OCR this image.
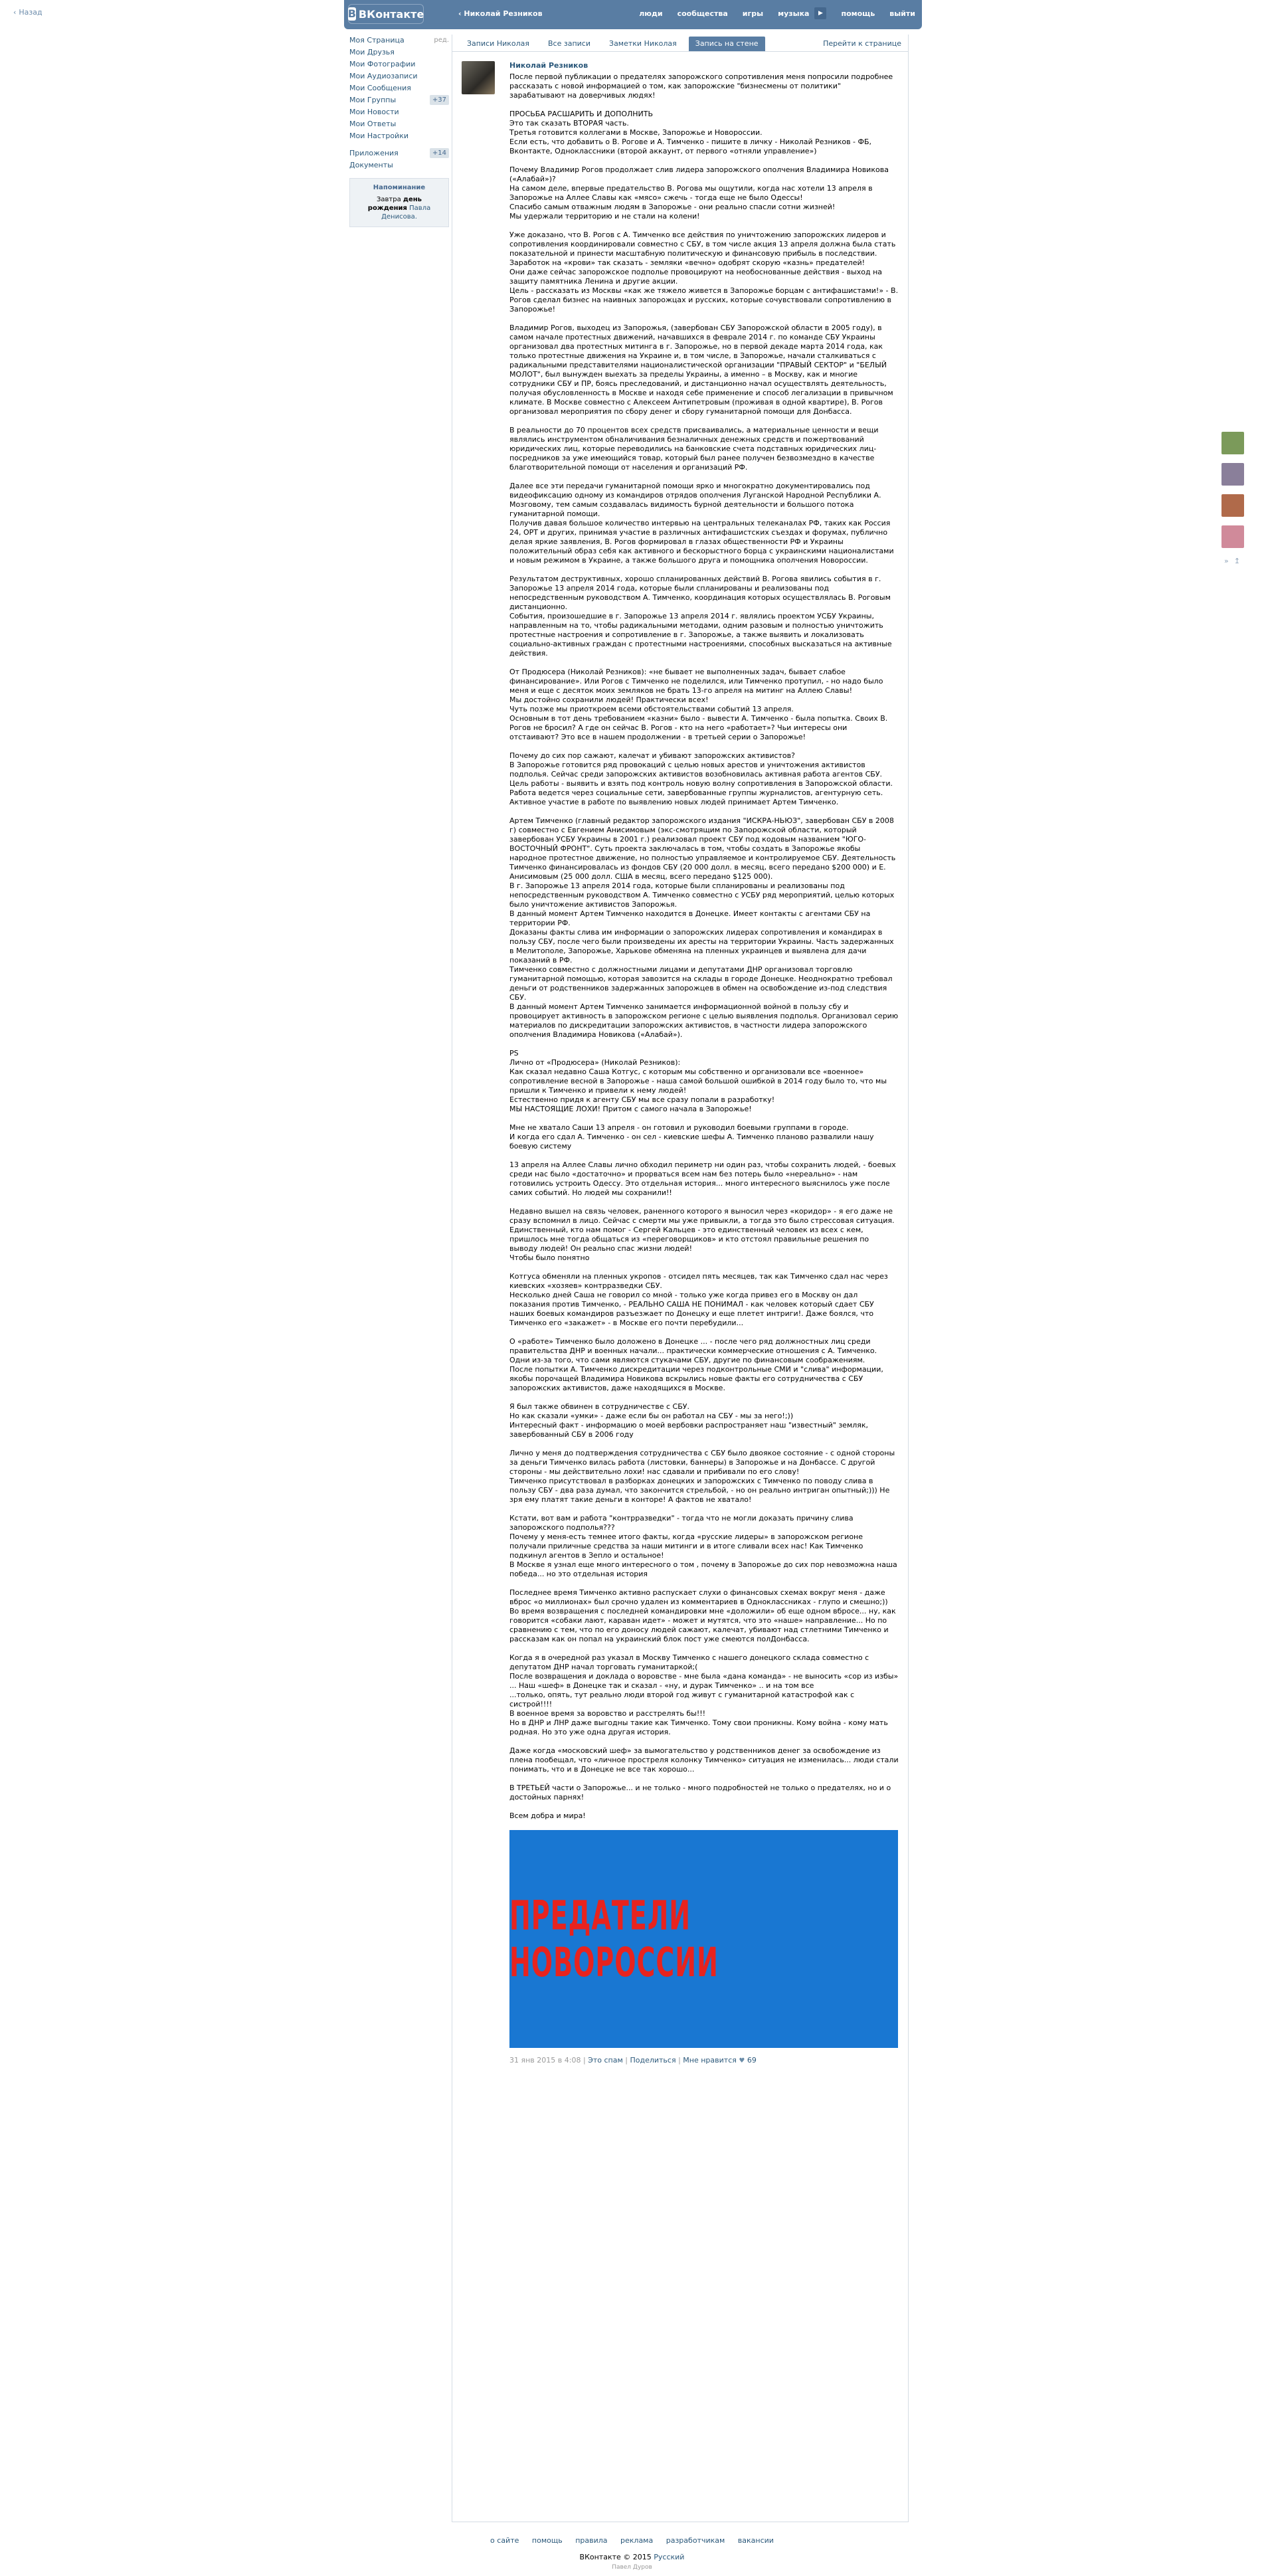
‹ Назад	В ВКонтакте	‹ Николай Резников	люди сообщества игры музыка	▶	помощь выйти
Моя Страница	ред.
Мои Друзья
Мои Фотографии
Мои Аудиозаписи
Мои Сообщения
Мои Группы	+37
Мои Новости
Мои Ответы
Мои Настройки
Приложения	+14
Документы
Напоминание
Завтра день рождения Павла Денисова.
Записи Николая	Все записи	Заметки Николая	Запись на стене	Перейти к странице
Николай Резников

После первой публикации о предателях запорожского сопротивления меня попросили подробнее рассказать с новой информацией о том, как запорожские "бизнесмены от политики" зарабатывают на доверчивых людях!

ПРОСЬБА РАСШАРИТЬ И ДОПОЛНИТЬ
Это так сказать ВТОРАЯ часть.
Третья готовится коллегами в Москве, Запорожье и Новороссии.
Если есть, что добавить о В. Рогове и А. Тимченко - пишите в личку - Николай Резников - ФБ, Вконтакте, Одноклассники (второй аккаунт, от первого «отняли управление»)

Почему Владимир Рогов продолжает слив лидера запорожского ополчения Владимира Новикова («Алабай»)?
На самом деле, впервые предательство В. Рогова мы ощутили, когда нас хотели 13 апреля в Запорожье на Аллее Славы как «мясо» сжечь - тогда еще не было Одессы!
Спасибо самым отважным людям в Запорожье - они реально спасли сотни жизней!
Мы удержали территорию и не стали на колени!

Уже доказано, что В. Рогов с А. Тимченко все действия по уничтожению запорожских лидеров и сопротивления координировали совместно с СБУ, в том числе акция 13 апреля должна была стать показательной и принести масштабную политическую и финансовую прибыль в последствии. Заработок на «крови» так сказать - земляки «вечно» одобрят скорую «казнь» предателей!
Они даже сейчас запорожское подполье провоцируют на необоснованные действия - выход на защиту памятника Ленина и другие акции.
Цель - рассказать из Москвы «как же тяжело живется в Запорожье борцам с антифашистами!» - В. Рогов сделал бизнес на наивных запорожцах и русских, которые сочувствовали сопротивлению в Запорожье!

Владимир Рогов, выходец из Запорожья, (завербован СБУ Запорожской области в 2005 году), в самом начале протестных движений, начавшихся в феврале 2014 г. по команде СБУ Украины организовал два протестных митинга в г. Запорожье, но в первой декаде марта 2014 года, как только протестные движения на Украине и, в том числе, в Запорожье, начали сталкиваться с радикальными представителями националистической организации "ПРАВЫЙ СЕКТОР" и "БЕЛЫЙ МОЛОТ", был вынужден выехать за пределы Украины, а именно – в Москву, как и многие сотрудники СБУ и ПР, боясь преследований, и дистанционно начал осуществлять деятельность, получая обусловленность в Москве и находя себе применение и способ легализации в привычном климате. В Москве совместно с Алексеем Антипетровым (проживая в одной квартире), В. Рогов организовал мероприятия по сбору денег и сбору гуманитарной помощи для Донбасса.

В реальности до 70 процентов всех средств присваивались, а материальные ценности и вещи являлись инструментом обналичивания безналичных денежных средств и пожертвований юридических лиц, которые переводились на банковские счета подставных юридических лиц-посредников за уже имеющийся товар, который был ранее получен безвозмездно в качестве благотворительной помощи от населения и организаций РФ.

Далее все эти передачи гуманитарной помощи ярко и многократно документировались под видеофиксацию одному из командиров отрядов ополчения Луганской Народной Республики А. Мозговому, тем самым создавалась видимость бурной деятельности и большого потока гуманитарной помощи.
Получив давая большое количество интервью на центральных телеканалах РФ, таких как Россия 24, ОРТ и других, принимая участие в различных антифашистских съездах и форумах, публично делая яркие заявления, В. Рогов формировал в глазах общественности РФ и Украины положительный образ себя как активного и бескорыстного борца с украинскими националистами и новым режимом в Украине, а также большого друга и помощника ополчения Новороссии.

Результатом деструктивных, хорошо спланированных действий В. Рогова явились события в г. Запорожье 13 апреля 2014 года, которые были спланированы и реализованы под непосредственным руководством А. Тимченко, координация которых осуществлялась В. Роговым дистанционно.
События, произошедшие в г. Запорожье 13 апреля 2014 г. являлись проектом УСБУ Украины, направленным на то, чтобы радикальными методами, одним разовым и полностью уничтожить протестные настроения и сопротивление в г. Запорожье, а также выявить и локализовать социально-активных граждан с протестными настроениями, способных высказаться на активные действия.

От Продюсера (Николай Резников): «не бывает не выполненных задач, бывает слабое финансирование». Или Рогов с Тимченко не поделился, или Тимченко протупил, - но надо было меня и еще с десяток моих земляков не брать 13-го апреля на митинг на Аллею Славы!
Мы достойно сохранили людей! Практически всех!
Чуть позже мы приоткроем всеми обстоятельствами событий 13 апреля.
Основным в тот день требованием «казни» было - вывести А. Тимченко - была попытка. Своих В. Рогов не бросил? А где он сейчас В. Рогов - кто на него «работает»? Чьи интересы они отстаивают? Это все в нашем продолжении - в третьей серии о Запорожье!

Почему до сих пор сажают, калечат и убивают запорожских активистов?
В Запорожье готовится ряд провокаций с целью новых арестов и уничтожения активистов подполья. Сейчас среди запорожских активистов возобновилась активная работа агентов СБУ. Цель работы - выявить и взять под контроль новую волну сопротивления в Запорожской области. Работа ведется через социальные сети, завербованные группы журналистов, агентурную сеть. Активное участие в работе по выявлению новых людей принимает Артем Тимченко.

Артем Тимченко (главный редактор запорожского издания "ИСКРА-НЬЮЗ", завербован СБУ в 2008 г) совместно с Евгением Анисимовым (экс-смотрящим по Запорожской области, который завербован УСБУ Украины в 2001 г.) реализовал проект СБУ под кодовым названием "ЮГО-ВОСТОЧНЫЙ ФРОНТ". Суть проекта заключалась в том, чтобы создать в Запорожье якобы народное протестное движение, но полностью управляемое и контролируемое СБУ. Деятельность Тимченко финансировалась из фондов СБУ (20 000 долл. в месяц, всего передано $200 000) и Е. Анисимовым (25 000 долл. США в месяц, всего передано $125 000).
В г. Запорожье 13 апреля 2014 года, которые были спланированы и реализованы под непосредственным руководством А. Тимченко совместно с УСБУ ряд мероприятий, целью которых было уничтожение активистов Запорожья.
В данный момент Артем Тимченко находится в Донецке. Имеет контакты с агентами СБУ на территории РФ.
Доказаны факты слива им информации о запорожских лидерах сопротивления и командирах в пользу СБУ, после чего были произведены их аресты на территории Украины. Часть задержанных в Мелитополе, Запорожье, Харькове обменяна на пленных украинцев и выявлена для дачи показаний в РФ.
Тимченко совместно с должностными лицами и депутатами ДНР организовал торговлю гуманитарной помощью, которая завозится на склады в городе Донецке. Неоднократно требовал деньги от родственников задержанных запорожцев в обмен на освобождение из-под следствия СБУ.
В данный момент Артем Тимченко занимается информационной войной в пользу сбу и провоцирует активность в запорожском регионе с целью выявления подполья. Организовал серию материалов по дискредитации запорожских активистов, в частности лидера запорожского ополчения Владимира Новикова («Алабай»).

PS
Лично от «Продюсера» (Николай Резников):
Как сказал недавно Саша Котгус, с которым мы собственно и организовали все «военное» сопротивление весной в Запорожье - наша самой большой ошибкой в 2014 году было то, что мы пришли к Тимченко и привели к нему людей!
Естественно придя к агенту СБУ мы все сразу попали в разработку!
МЫ НАСТОЯЩИЕ ЛОХИ! Притом с самого начала в Запорожье!

Мне не хватало Саши 13 апреля - он готовил и руководил боевыми группами в городе.
И когда его сдал А. Тимченко - он сел - киевские шефы А. Тимченко планово развалили нашу боевую систему

13 апреля на Аллее Славы лично обходил периметр ни один раз, чтобы сохранить людей, - боевых среди нас было «достаточно» и прорваться всем нам без потерь было «нереально» - нам готовились устроить Одессу. Это отдельная история... много интересного выяснилось уже после самих событий. Но людей мы сохранили!!

Недавно вышел на связь человек, раненного которого я выносил через «коридор» - я его даже не сразу вспомнил в лицо. Сейчас с смерти мы уже привыкли, а тогда это было стрессовая ситуация. Единственный, кто нам помог - Сергей Кальцев - это единственный человек из всех с кем, пришлось мне тогда общаться из «переговорщиков» и кто отстоял правильные решения по выводу людей! Он реально спас жизни людей!
Чтобы было понятно

Котгуса обменяли на пленных укропов - отсидел пять месяцев, так как Тимченко сдал нас через киевских «хозяев» контрразведки СБУ.
Несколько дней Саша не говорил со мной - только уже когда привез его в Москву он дал показания против Тимченко, - РЕАЛЬНО САША НЕ ПОНИМАЛ - как человек который сдает СБУ наших боевых командиров разъезжает по Донецку и еще плетет интриги!. Даже боялся, что Тимченко его «закажет» - в Москве его почти перебудили...

О «работе» Тимченко было доложено в Донецке ... - после чего ряд должностных лиц среди правительства ДНР и военных начали... практически коммерческие отношения с А. Тимченко. Одни из-за того, что сами являются стукачами СБУ, другие по финансовым соображениям.
После попытки А. Тимченко дискредитации через подконтрольные СМИ и "слива" информации, якобы порочащей Владимира Новикова вскрылись новые факты его сотрудничества с СБУ запорожских активистов, даже находящихся в Москве.

Я был также обвинен в сотрудничестве с СБУ.
Но как сказали «умки» - даже если бы он работал на СБУ - мы за него!;))
Интересный факт - информацию о моей вербовки распространяет наш "известный" земляк, завербованный СБУ в 2006 году

Лично у меня до подтверждения сотрудничества с СБУ было двоякое состояние - с одной стороны за деньги Тимченко вилась работа (листовки, баннеры) в Запорожье и на Донбассе. С другой стороны - мы действительно лохи! нас сдавали и прибивали по его слову!
Тимченко присутствовал в разборках донецких и запорожских с Тимченко по поводу слива в пользу СБУ - два раза думал, что закончится стрельбой, - но он реально интриган опытный;))) Не зря ему платят такие деньги в конторе! А фактов не хватало!

Кстати, вот вам и работа "контрразведки" - тогда что не могли доказать причину слива запорожского подполья???
Почему у меня-есть темнее итого факты, когда «русские лидеры» в запорожском регионе получали приличные средства за наши митинги и в итоге сливали всех нас! Как Тимченко подкинул агентов в Зепло и остальное!
В Москве я узнал еще много интересного о том , почему в Запорожье до сих пор невозможна наша победа... но это отдельная история

Последнее время Тимченко активно распускает слухи о финансовых схемах вокруг меня - даже вброс «о миллионах» был срочно удален из комментариев в Одноклассниках - глупо и смешно;)) Во время возвращения с последней командировки мне «доложили» об еще одном вбросе... ну, как говорится «собаки лают, караван идет» - может и мутятся, что это «наше» направление... Но по сравнению с тем, что по его доносу людей сажают, калечат, убивают над стлетними Тимченко и рассказам как он попал на украинский блок пост уже смеются полДонбасса.

Когда я в очередной раз указал в Москву Тимченко с нашего донецкого склада совместно с депутатом ДНР начал торговать гуманитаркой;(
После возвращения и доклада о воровстве - мне была «дана команда» - не выносить «сор из избы» ... Наш «шеф» в Донецке так и сказал - «ну, и дурак Тимченко» .. и на том все
...только, опять, тут реально люди второй год живут с гуманитарной катастрофой как с систрой!!!!
В военное время за воровство и расстрелять бы!!!
Но в ДНР и ЛНР даже выгодны такие как Тимченко. Тому свои проникны. Кому война - кому мать родная. Но это уже одна другая история.

Даже когда «московский шеф» за вымогательство у родственников денег за освобождение из плена пообещал, что «личное простреля колонку Тимченко» ситуация не изменилась... люди стали понимать, что и в Донецке не все так хорошо...

В ТРЕТЬЕЙ части о Запорожье... и не только - много подробностей не только о предателях, но и о достойных парнях!

Всем добра и мира!

ПРЕДАТЕЛИ НОВОРОССИИ
31 янв 2015 в 4:08 | Это спам | Поделиться | Мне нравится ♥ 69
» ↥
о сайте помощь правила реклама разработчикам вакансии
ВКонтакте © 2015 Русский
Павел Дуров
